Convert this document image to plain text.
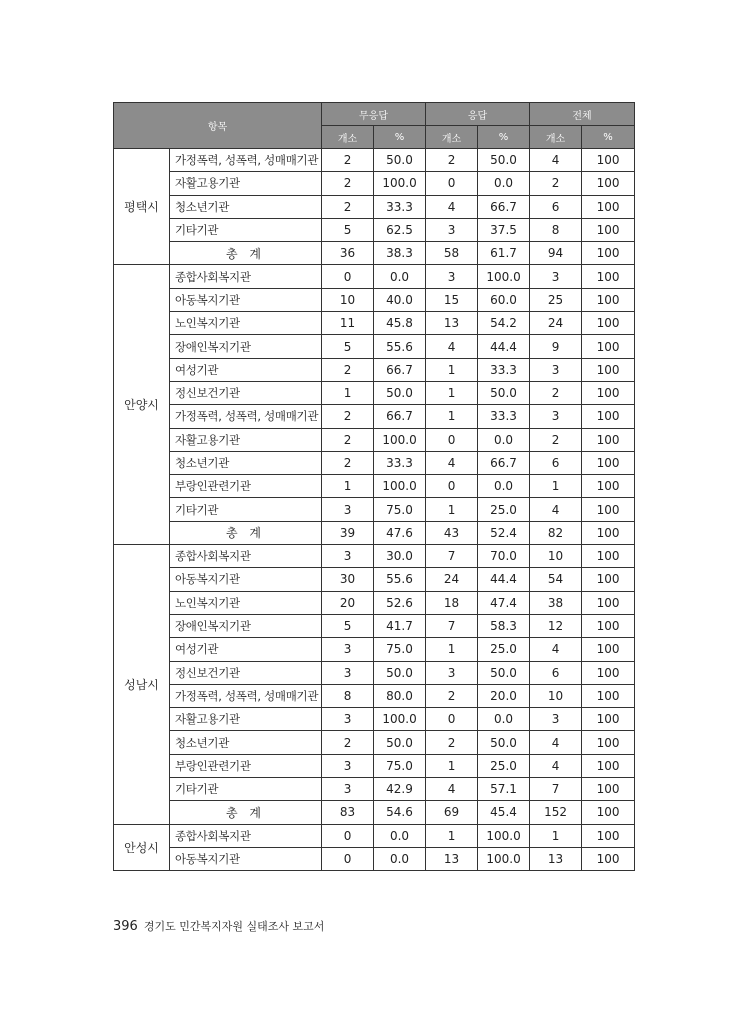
항목		무응답		응답		전체	
		개소	%	개소	%	개소	%
평택시	가정폭력, 성폭력, 성매매기관	2	50.0	2	50.0	4	100
	자활고용기관	2	100.0	0	0.0	2	100
	청소년기관	2	33.3	4	66.7	6	100
	기타기관	5	62.5	3	37.5	8	100
	총 계	36	38.3	58	61.7	94	100
안양시	종합사회복지관	0	0.0	3	100.0	3	100
	아동복지기관	10	40.0	15	60.0	25	100
	노인복지기관	11	45.8	13	54.2	24	100
	장애인복지기관	5	55.6	4	44.4	9	100
	여성기관	2	66.7	1	33.3	3	100
	정신보건기관	1	50.0	1	50.0	2	100
	가정폭력, 성폭력, 성매매기관	2	66.7	1	33.3	3	100
	자활고용기관	2	100.0	0	0.0	2	100
	청소년기관	2	33.3	4	66.7	6	100
	부랑인관련기관	1	100.0	0	0.0	1	100
	기타기관	3	75.0	1	25.0	4	100
	총 계	39	47.6	43	52.4	82	100
성남시	종합사회복지관	3	30.0	7	70.0	10	100
	아동복지기관	30	55.6	24	44.4	54	100
	노인복지기관	20	52.6	18	47.4	38	100
	장애인복지기관	5	41.7	7	58.3	12	100
	여성기관	3	75.0	1	25.0	4	100
	정신보건기관	3	50.0	3	50.0	6	100
	가정폭력, 성폭력, 성매매기관	8	80.0	2	20.0	10	100
	자활고용기관	3	100.0	0	0.0	3	100
	청소년기관	2	50.0	2	50.0	4	100
	부랑인관련기관	3	75.0	1	25.0	4	100
	기타기관	3	42.9	4	57.1	7	100
	총 계	83	54.6	69	45.4	152	100
안성시	종합사회복지관	0	0.0	1	100.0	1	100
	아동복지기관	0	0.0	13	100.0	13	100
396 경기도 민간복지자원 실태조사 보고서
